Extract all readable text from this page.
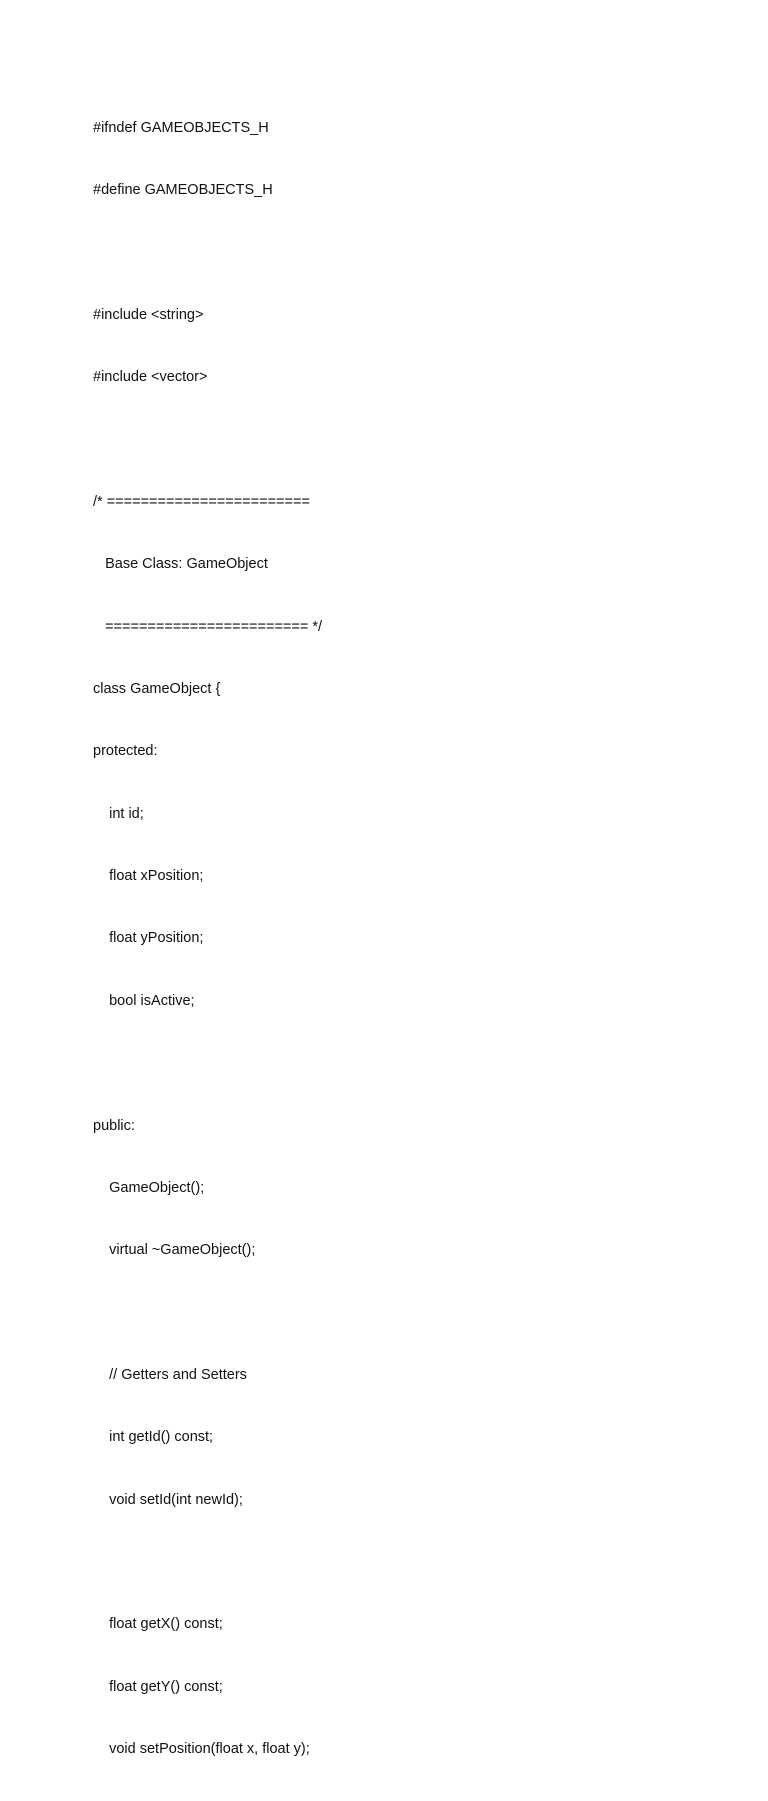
#ifndef GAMEOBJECTS_H

#define GAMEOBJECTS_H

#include <string>

#include <vector>

/* ========================

Base Class: GameObject

======================== */

class GameObject {

protected:

int id;

float xPosition;

float yPosition;

bool isActive;

public:

GameObject();

virtual ~GameObject();

// Getters and Setters

int getId() const;

void setId(int newId);

float getX() const;

float getY() const;

void setPosition(float x, float y);
